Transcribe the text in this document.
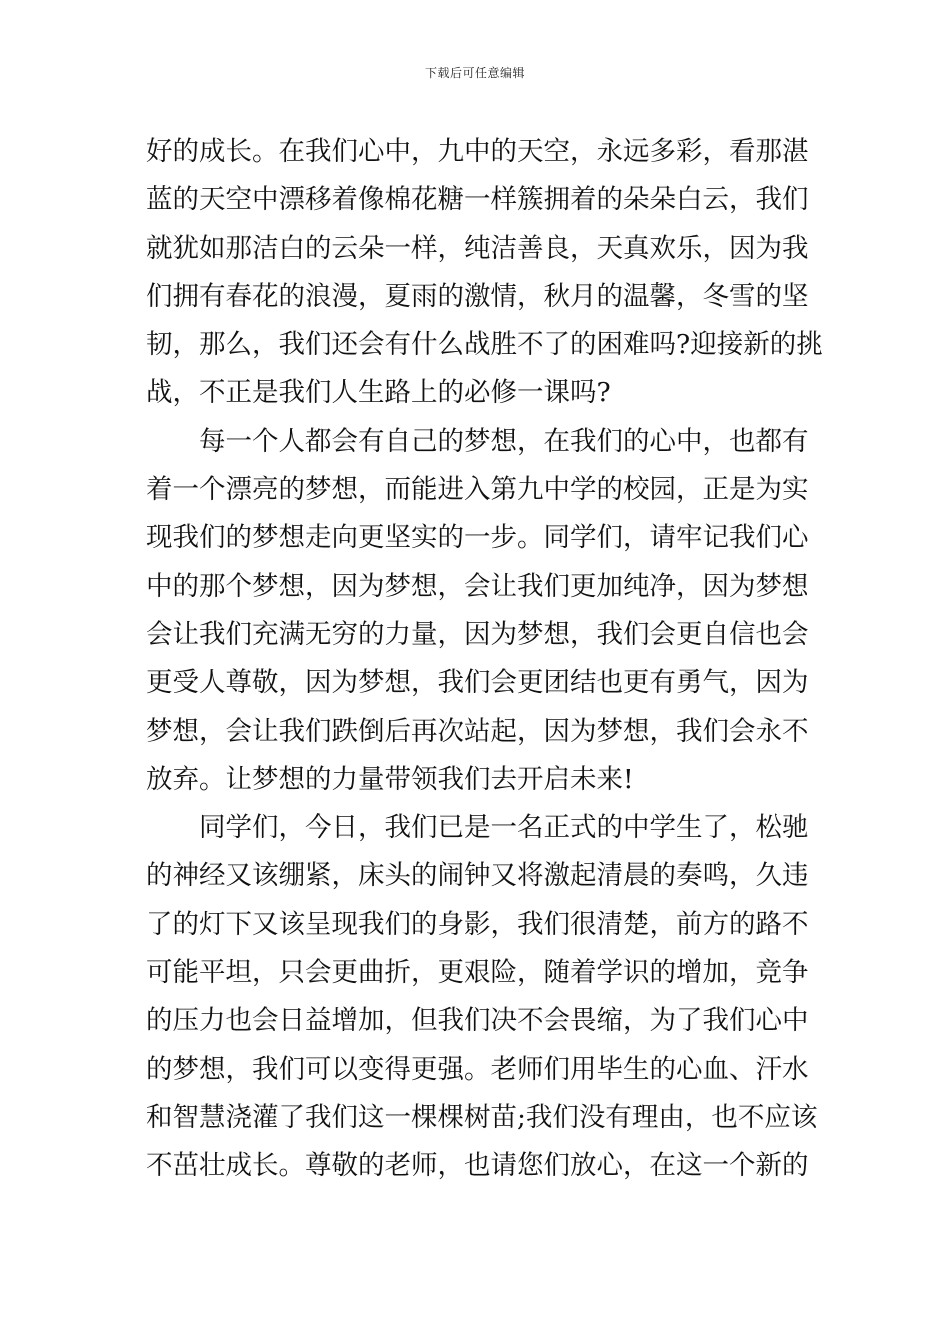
下载后可任意编辑
好的成长。在我们心中，九中的天空，永远多彩，看那湛
蓝的天空中漂移着像棉花糖一样簇拥着的朵朵白云，我们
就犹如那洁白的云朵一样，纯洁善良，天真欢乐，因为我
们拥有春花的浪漫，夏雨的激情，秋月的温馨，冬雪的坚
韧，那么，我们还会有什么战胜不了的困难吗?迎接新的挑
战，不正是我们人生路上的必修一课吗?
每一个人都会有自己的梦想，在我们的心中，也都有
着一个漂亮的梦想，而能进入第九中学的校园，正是为实
现我们的梦想走向更坚实的一步。同学们，请牢记我们心
中的那个梦想，因为梦想，会让我们更加纯净，因为梦想
会让我们充满无穷的力量，因为梦想，我们会更自信也会
更受人尊敬，因为梦想，我们会更团结也更有勇气，因为
梦想，会让我们跌倒后再次站起，因为梦想，我们会永不
放弃。让梦想的力量带领我们去开启未来!
同学们，今日，我们已是一名正式的中学生了，松驰
的神经又该绷紧，床头的闹钟又将激起清晨的奏鸣，久违
了的灯下又该呈现我们的身影，我们很清楚，前方的路不
可能平坦，只会更曲折，更艰险，随着学识的增加，竞争
的压力也会日益增加，但我们决不会畏缩，为了我们心中
的梦想，我们可以变得更强。老师们用毕生的心血、汗水
和智慧浇灌了我们这一棵棵树苗;我们没有理由，也不应该
不茁壮成长。尊敬的老师，也请您们放心，在这一个新的
